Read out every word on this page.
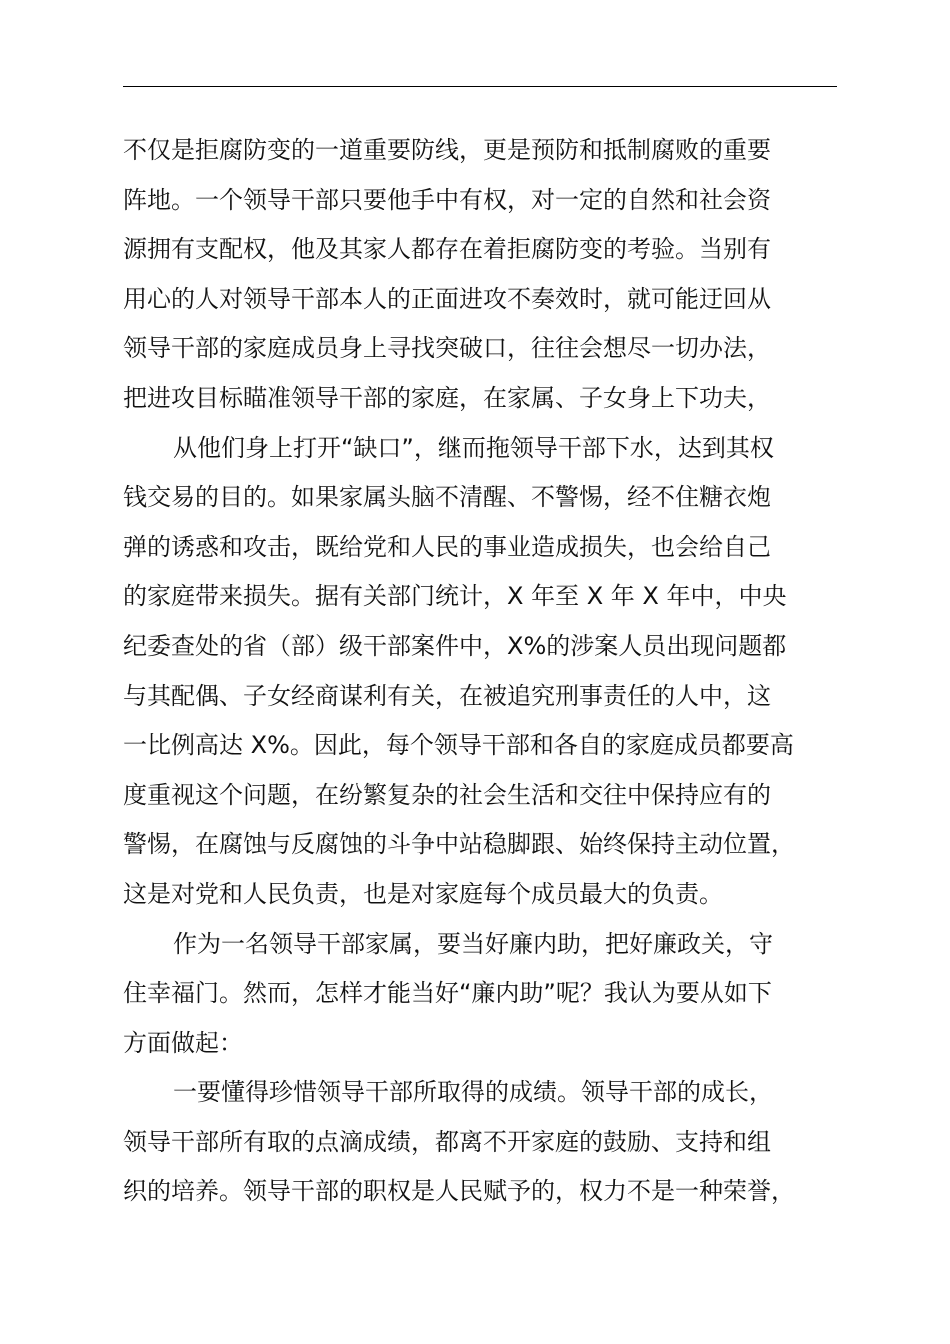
不仅是拒腐防变的一道重要防线，更是预防和抵制腐败的重要
阵地。一个领导干部只要他手中有权，对一定的自然和社会资
源拥有支配权，他及其家人都存在着拒腐防变的考验。当别有
用心的人对领导干部本人的正面进攻不奏效时，就可能迂回从
领导干部的家庭成员身上寻找突破口，往往会想尽一切办法，
把进攻目标瞄准领导干部的家庭，在家属、子女身上下功夫，
从他们身上打开“缺口”，继而拖领导干部下水，达到其权
钱交易的目的。如果家属头脑不清醒、不警惕，经不住糖衣炮
弹的诱惑和攻击，既给党和人民的事业造成损失，也会给自己
的家庭带来损失。据有关部门统计，X 年至 X 年 X 年中，中央
纪委查处的省（部）级干部案件中，X%的涉案人员出现问题都
与其配偶、子女经商谋利有关，在被追究刑事责任的人中，这
一比例高达 X%。因此，每个领导干部和各自的家庭成员都要高
度重视这个问题，在纷繁复杂的社会生活和交往中保持应有的
警惕，在腐蚀与反腐蚀的斗争中站稳脚跟、始终保持主动位置，
这是对党和人民负责，也是对家庭每个成员最大的负责。
作为一名领导干部家属，要当好廉内助，把好廉政关，守
住幸福门。然而，怎样才能当好“廉内助”呢？我认为要从如下
方面做起：
一要懂得珍惜领导干部所取得的成绩。领导干部的成长，
领导干部所有取的点滴成绩，都离不开家庭的鼓励、支持和组
织的培养。领导干部的职权是人民赋予的，权力不是一种荣誉，
